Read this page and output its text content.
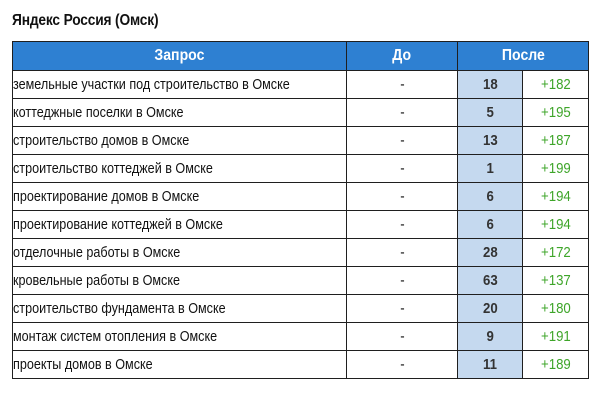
Яндекс Россия (Омск)
Запрос	До	После	
земельные участки под строительство в Омске	-	18	+182
коттеджные поселки в Омске	-	5	+195
строительство домов в Омске	-	13	+187
строительство коттеджей в Омске	-	1	+199
проектирование домов в Омске	-	6	+194
проектирование коттеджей в Омске	-	6	+194
отделочные работы в Омске	-	28	+172
кровельные работы в Омске	-	63	+137
строительство фундамента в Омске	-	20	+180
монтаж систем отопления в Омске	-	9	+191
проекты домов в Омске	-	11	+189
